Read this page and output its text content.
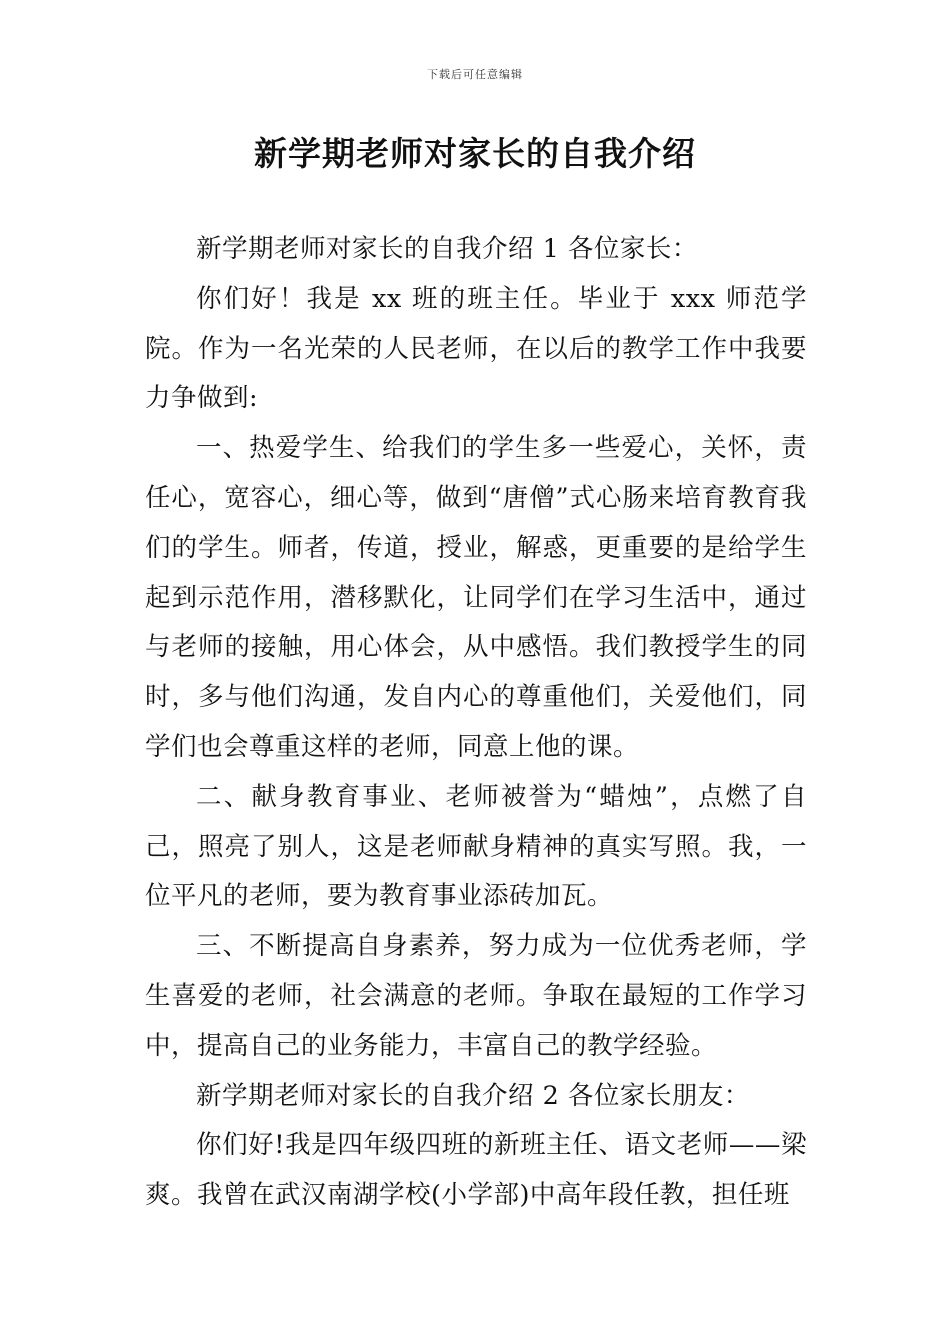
下载后可任意编辑
新学期老师对家长的自我介绍

新学期老师对家长的自我介绍 1 各位家长：

你们好！我是 xx 班的班主任。毕业于 xxx 师范学院。作为一名光荣的人民老师，在以后的教学工作中我要力争做到:

一、热爱学生、给我们的学生多一些爱心，关怀，责任心，宽容心，细心等，做到“唐僧”式心肠来培育教育我们的学生。师者，传道，授业，解惑，更重要的是给学生起到示范作用，潜移默化，让同学们在学习生活中，通过与老师的接触，用心体会，从中感悟。我们教授学生的同时，多与他们沟通，发自内心的尊重他们，关爱他们，同学们也会尊重这样的老师，同意上他的课。

二、献身教育事业、老师被誉为“蜡烛”，点燃了自己，照亮了别人，这是老师献身精神的真实写照。我，一位平凡的老师，要为教育事业添砖加瓦。

三、不断提高自身素养，努力成为一位优秀老师，学生喜爱的老师，社会满意的老师。争取在最短的工作学习中，提高自己的业务能力，丰富自己的教学经验。

新学期老师对家长的自我介绍 2 各位家长朋友：

你们好!我是四年级四班的新班主任、语文老师——梁爽。我曾在武汉南湖学校(小学部)中高年段任教，担任班
